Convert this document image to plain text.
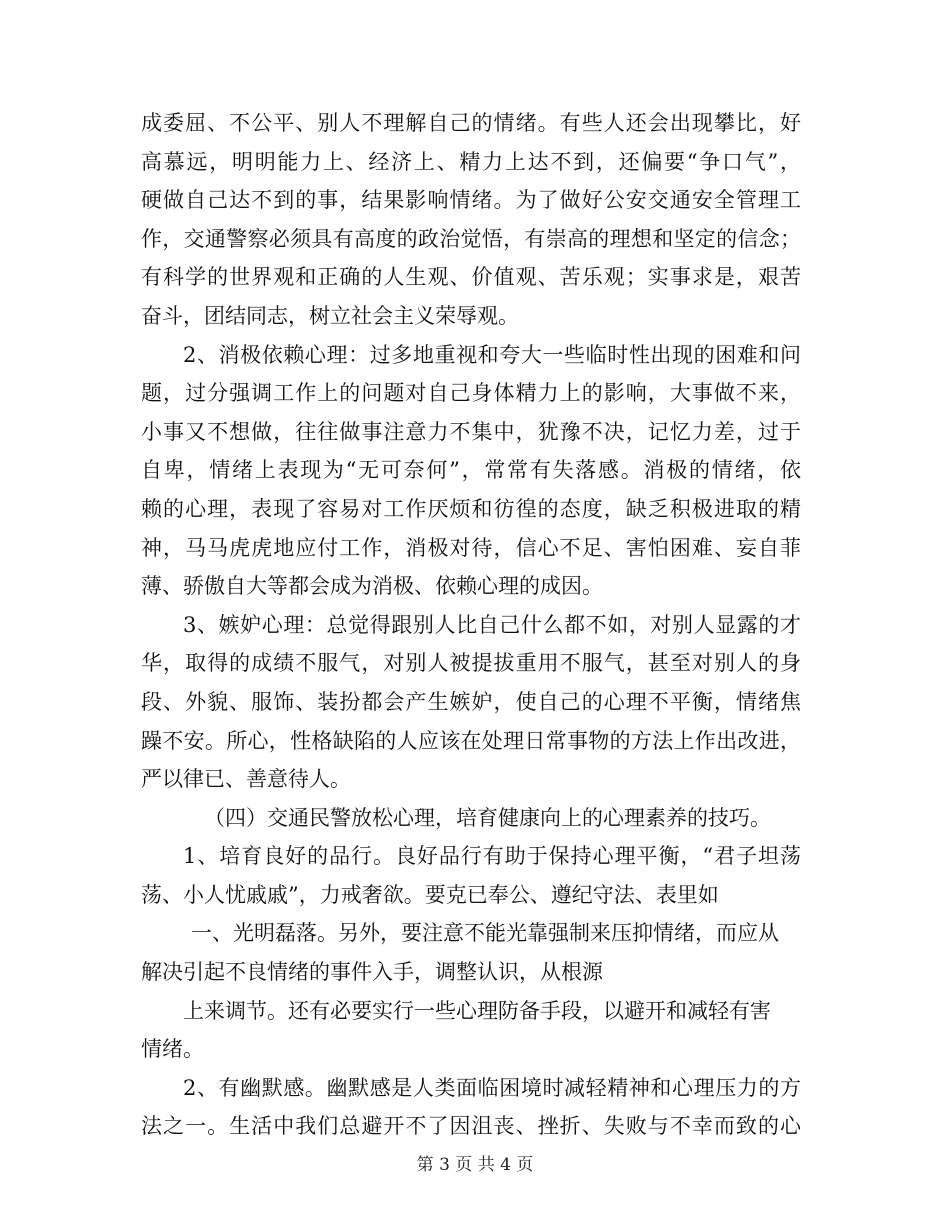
成委屈、不公平、别人不理解自己的情绪。有些人还会出现攀比，好
高慕远，明明能力上、经济上、精力上达不到，还偏要“争口气”，
硬做自己达不到的事，结果影响情绪。为了做好公安交通安全管理工
作，交通警察必须具有高度的政治觉悟，有崇高的理想和坚定的信念；
有科学的世界观和正确的人生观、价值观、苦乐观；实事求是，艰苦
奋斗，团结同志，树立社会主义荣辱观。
2、消极依赖心理：过多地重视和夸大一些临时性出现的困难和问
题，过分强调工作上的问题对自己身体精力上的影响，大事做不来，
小事又不想做，往往做事注意力不集中，犹豫不决，记忆力差，过于
自卑，情绪上表现为“无可奈何”，常常有失落感。消极的情绪，依
赖的心理，表现了容易对工作厌烦和彷徨的态度，缺乏积极进取的精
神，马马虎虎地应付工作，消极对待，信心不足、害怕困难、妄自菲
薄、骄傲自大等都会成为消极、依赖心理的成因。
3、嫉妒心理：总觉得跟别人比自己什么都不如，对别人显露的才
华，取得的成绩不服气，对别人被提拔重用不服气，甚至对别人的身
段、外貌、服饰、装扮都会产生嫉妒，使自己的心理不平衡，情绪焦
躁不安。所心，性格缺陷的人应该在处理日常事物的方法上作出改进，
严以律已、善意待人。
（四）交通民警放松心理，培育健康向上的心理素养的技巧。
1、培育良好的品行。良好品行有助于保持心理平衡，“君子坦荡
荡、小人忧戚戚”，力戒奢欲。要克已奉公、遵纪守法、表里如
一、光明磊落。另外，要注意不能光靠强制来压抑情绪，而应从
解决引起不良情绪的事件入手，调整认识，从根源
上来调节。还有必要实行一些心理防备手段，以避开和减轻有害
情绪。
2、有幽默感。幽默感是人类面临困境时减轻精神和心理压力的方
法之一。生活中我们总避开不了因沮丧、挫折、失败与不幸而致的心
第 3 页 共 4 页
